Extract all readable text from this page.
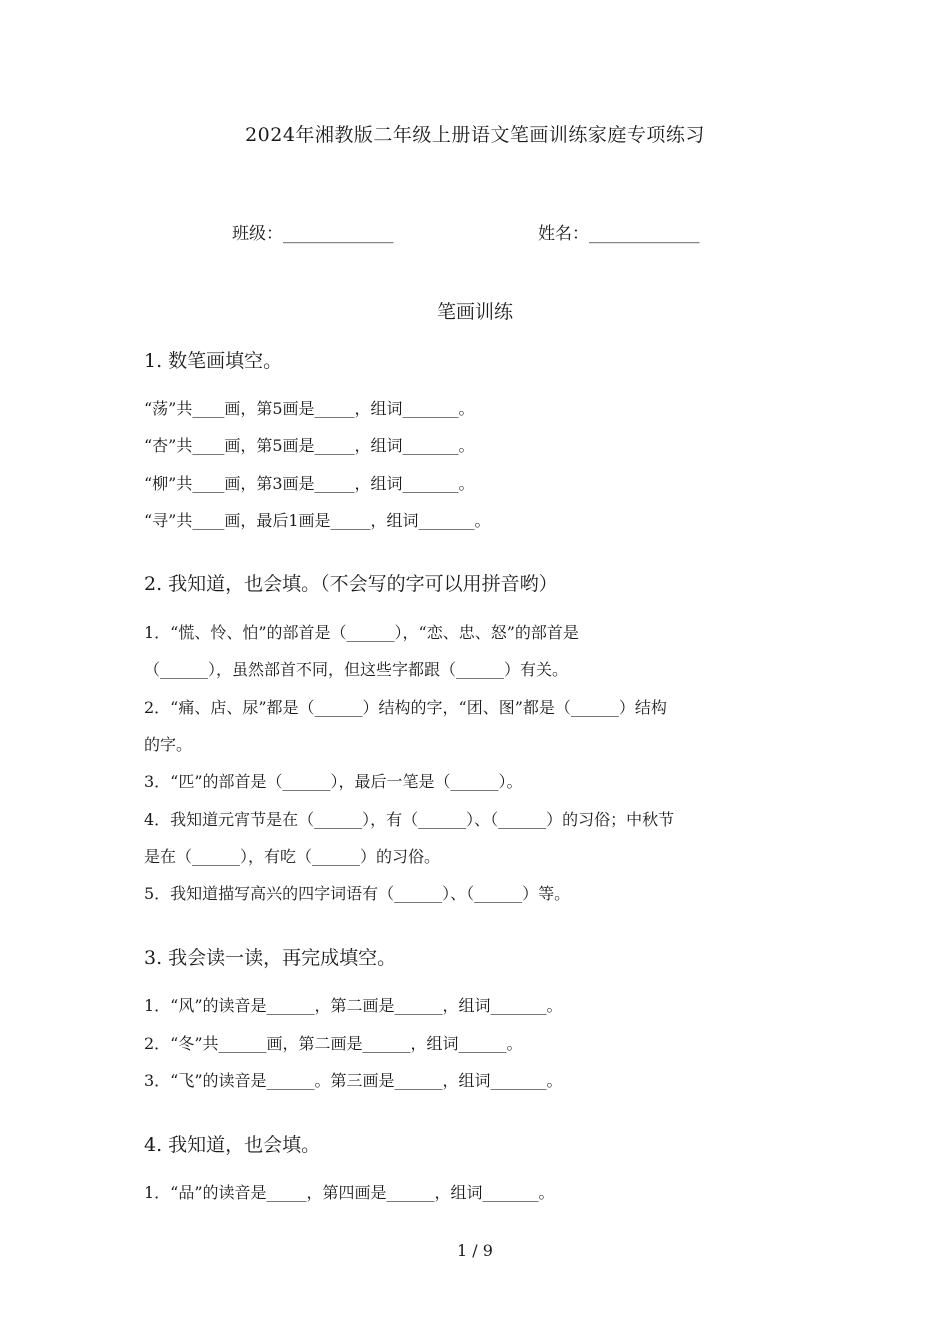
2024年湘教版二年级上册语文笔画训练家庭专项练习
班级：_____________	姓名：_____________
笔画训练
1. 数笔画填空。
“荡”共____画，第5画是_____，组词_______。
“杏”共____画，第5画是_____，组词_______。
“柳”共____画，第3画是_____，组词_______。
“寻”共____画，最后1画是_____，组词_______。
2. 我知道，也会填。（不会写的字可以用拼音哟）
1．“慌、怜、怕”的部首是（______），“恋、忠、怒”的部首是
（______），虽然部首不同，但这些字都跟（______）有关。
2．“痛、店、尿”都是（______）结构的字，“团、图”都是（______）结构
的字。
3．“匹”的部首是（______），最后一笔是（______）。
4．我知道元宵节是在（______），有（______）、（______）的习俗；中秋节
是在（______），有吃（______）的习俗。
5．我知道描写高兴的四字词语有（______）、（______）等。
3. 我会读一读，再完成填空。
1．“风”的读音是______，第二画是______，组词_______。
2．“冬”共______画，第二画是______，组词______。
3．“飞”的读音是______。第三画是______，组词_______。
4. 我知道，也会填。
1．“品”的读音是_____，第四画是______，组词_______。
1 / 9
